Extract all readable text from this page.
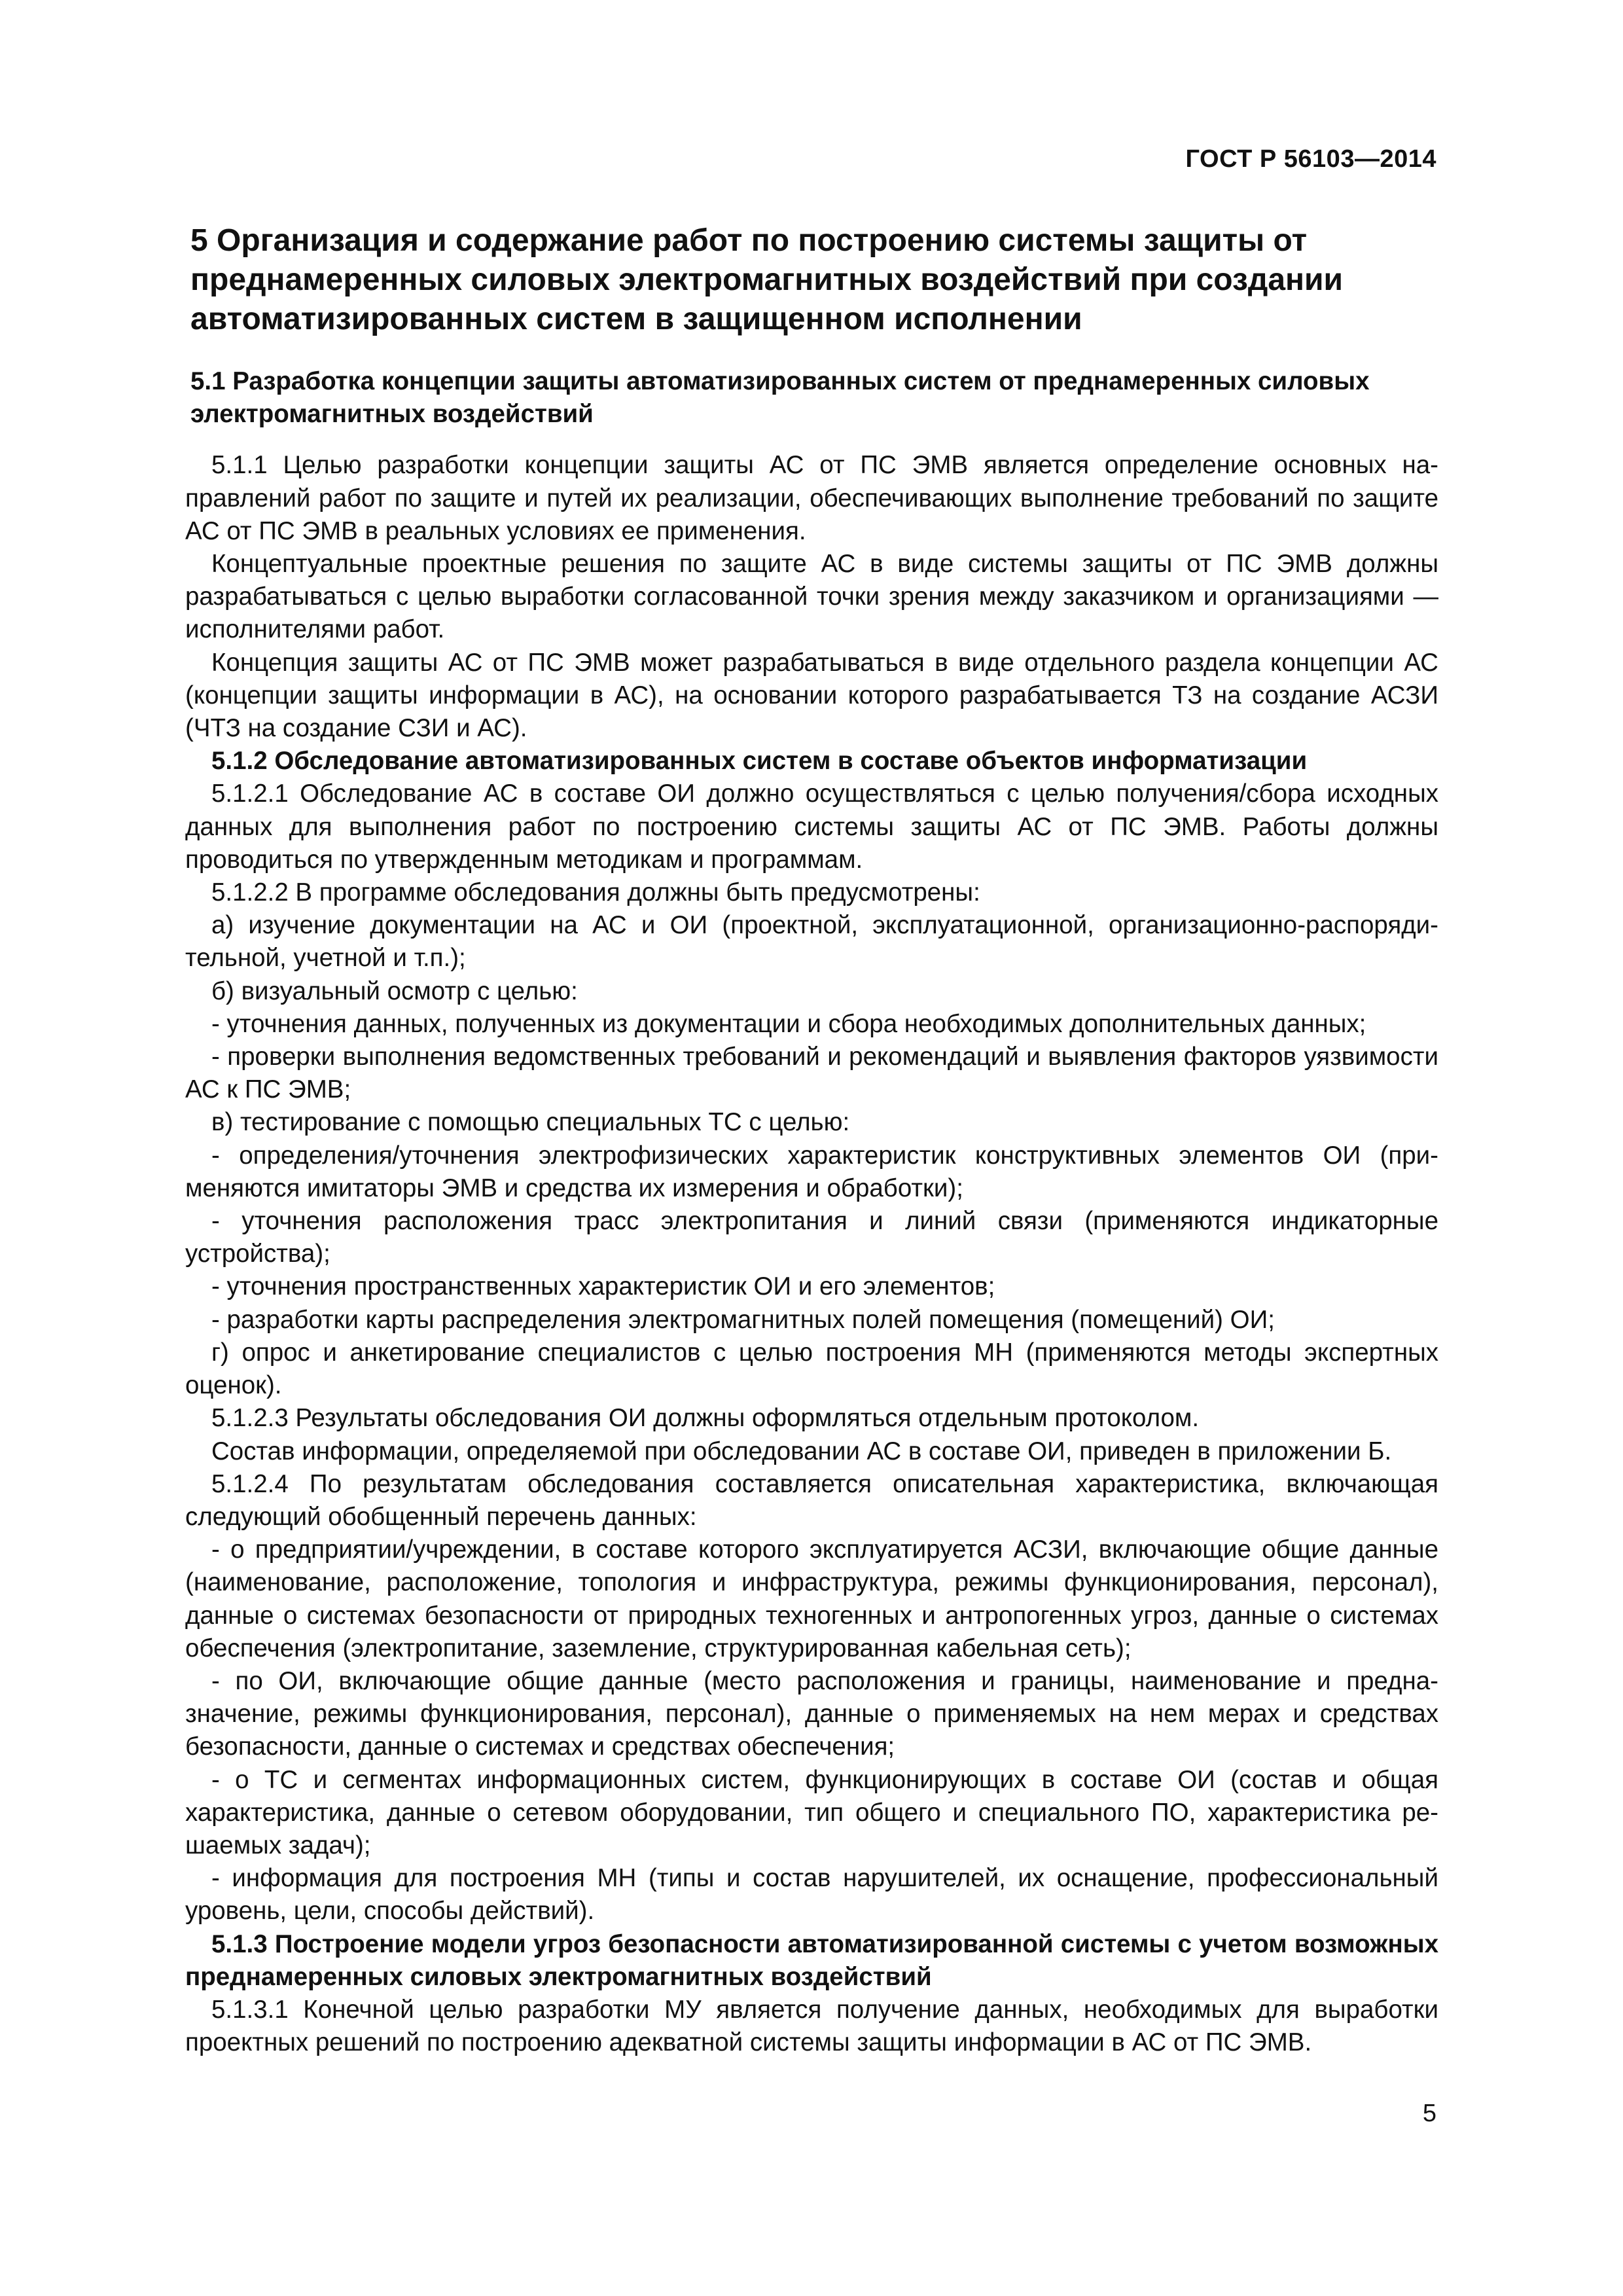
ГОСТ Р 56103—2014
5 Организация и содержание работ по построению системы защиты от преднамеренных силовых электромагнитных воздействий при создании автоматизированных систем в защищенном исполнении
5.1 Разработка концепции защиты автоматизированных систем от преднамеренных силовых электромагнитных воздействий

5.1.1 Целью разработки концепции защиты АС от ПС ЭМВ является определение основных направлений работ по защите и путей их реализации, обеспечивающих выполнение требований по защите АС от ПС ЭМВ в реальных условиях ее применения.

Концептуальные проектные решения по защите АС в виде системы защиты от ПС ЭМВ должны разрабатываться с целью выработки согласованной точки зрения между заказчиком и организациями — исполнителями работ.

Концепция защиты АС от ПС ЭМВ может разрабатываться в виде отдельного раздела концепции АС (концепции защиты информации в АС), на основании которого разрабатывается ТЗ на создание АСЗИ (ЧТЗ на создание СЗИ и АС).

5.1.2 Обследование автоматизированных систем в составе объектов информатизации

5.1.2.1 Обследование АС в составе ОИ должно осуществляться с целью получения/сбора исходных данных для выполнения работ по построению системы защиты АС от ПС ЭМВ. Работы должны проводиться по утвержденным методикам и программам.

5.1.2.2 В программе обследования должны быть предусмотрены:

а) изучение документации на АС и ОИ (проектной, эксплуатационной, организационно-распорядительной, учетной и т.п.);

б) визуальный осмотр с целью:

- уточнения данных, полученных из документации и сбора необходимых дополнительных данных;

- проверки выполнения ведомственных требований и рекомендаций и выявления факторов уязвимости АС к ПС ЭМВ;

в) тестирование с помощью специальных ТС с целью:

- определения/уточнения электрофизических характеристик конструктивных элементов ОИ (применяются имитаторы ЭМВ и средства их измерения и обработки);

- уточнения расположения трасс электропитания и линий связи (применяются индикаторные устройства);

- уточнения пространственных характеристик ОИ и его элементов;

- разработки карты распределения электромагнитных полей помещения (помещений) ОИ;

г) опрос и анкетирование специалистов с целью построения МН (применяются методы экспертных оценок).

5.1.2.3 Результаты обследования ОИ должны оформляться отдельным протоколом.

Состав информации, определяемой при обследовании АС в составе ОИ, приведен в приложении Б.

5.1.2.4 По результатам обследования составляется описательная характеристика, включающая следующий обобщенный перечень данных:

- о предприятии/учреждении, в составе которого эксплуатируется АСЗИ, включающие общие данные (наименование, расположение, топология и инфраструктура, режимы функционирования, персонал), данные о системах безопасности от природных техногенных и антропогенных угроз, данные о системах обеспечения (электропитание, заземление, структурированная кабельная сеть);

- по ОИ, включающие общие данные (место расположения и границы, наименование и предназначение, режимы функционирования, персонал), данные о применяемых на нем мерах и средствах безопасности, данные о системах и средствах обеспечения;

- о ТС и сегментах информационных систем, функционирующих в составе ОИ (состав и общая характеристика, данные о сетевом оборудовании, тип общего и специального ПО, характеристика решаемых задач);

- информация для построения МН (типы и состав нарушителей, их оснащение, профессиональный уровень, цели, способы действий).

5.1.3 Построение модели угроз безопасности автоматизированной системы с учетом возможных преднамеренных силовых электромагнитных воздействий

5.1.3.1 Конечной целью разработки МУ является получение данных, необходимых для выработки проектных решений по построению адекватной системы защиты информации в АС от ПС ЭМВ.

5
